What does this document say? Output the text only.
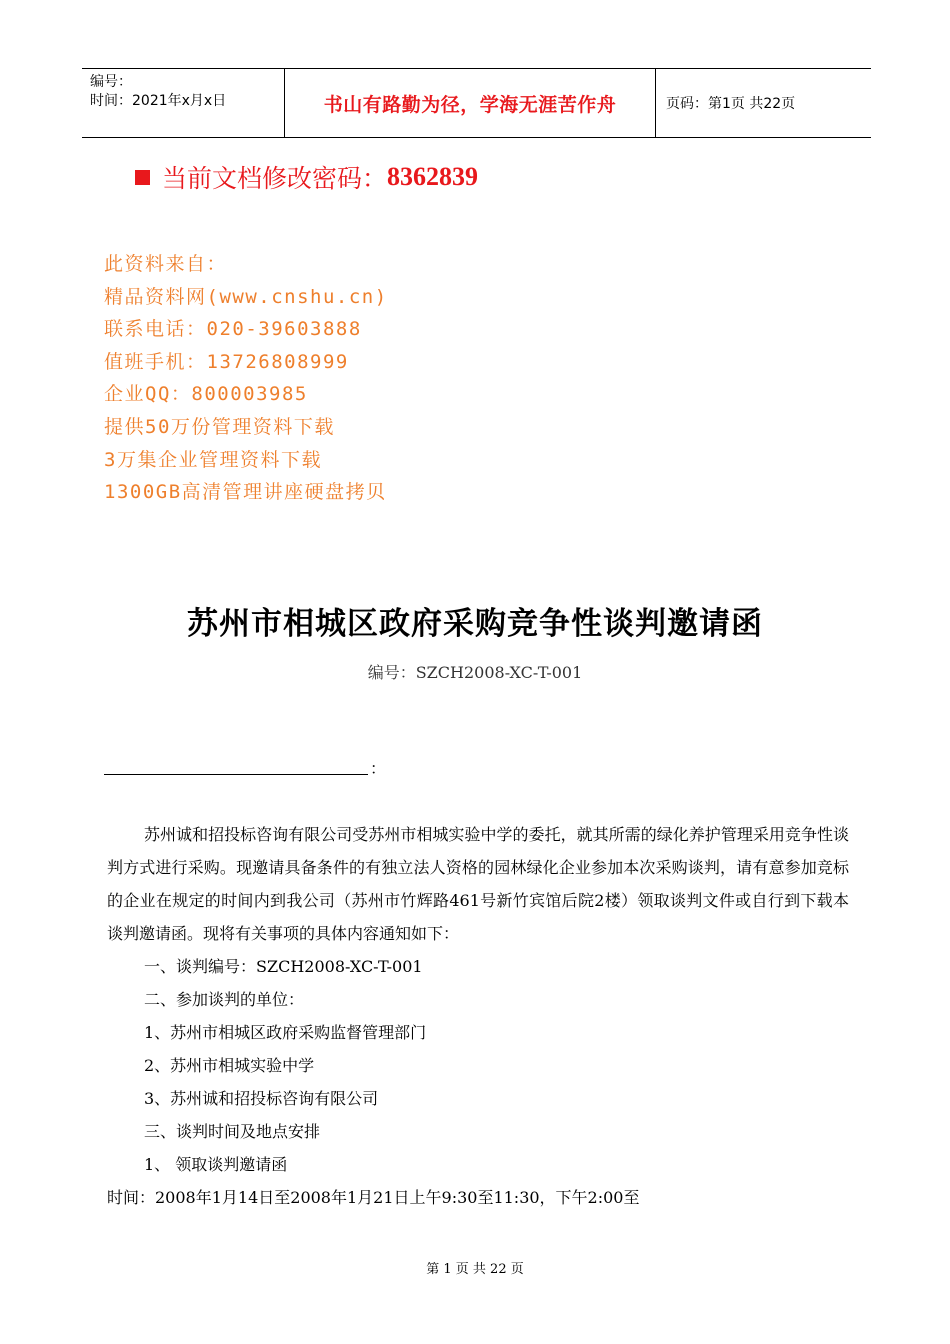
编号：
时间：2021年x月x日	书山有路勤为径，学海无涯苦作舟	页码：第1页 共22页
当前文档修改密码： 8362839
此资料来自：
精品资料网(www.cnshu.cn)
联系电话：020-39603888
值班手机：13726808999
企业QQ：800003985
提供50万份管理资料下载
3万集企业管理资料下载
1300GB高清管理讲座硬盘拷贝
苏州市相城区政府采购竞争性谈判邀请函
编号：SZCH2008-XC-T-001
：

苏州诚和招投标咨询有限公司受苏州市相城实验中学的委托，就其所需的绿化养护管理采用竞争性谈判方式进行采购。现邀请具备条件的有独立法人资格的园林绿化企业参加本次采购谈判，请有意参加竞标的企业在规定的时间内到我公司（苏州市竹辉路461号新竹宾馆后院2楼）领取谈判文件或自行到下载本谈判邀请函。现将有关事项的具体内容通知如下：

一、谈判编号：SZCH2008-XC-T-001

二、参加谈判的单位：

1、苏州市相城区政府采购监督管理部门

2、苏州市相城实验中学

3、苏州诚和招投标咨询有限公司

三、谈判时间及地点安排

1、 领取谈判邀请函

时间：2008年1月14日至2008年1月21日上午9:30至11:30，下午2:00至

第 1 页 共 22 页
